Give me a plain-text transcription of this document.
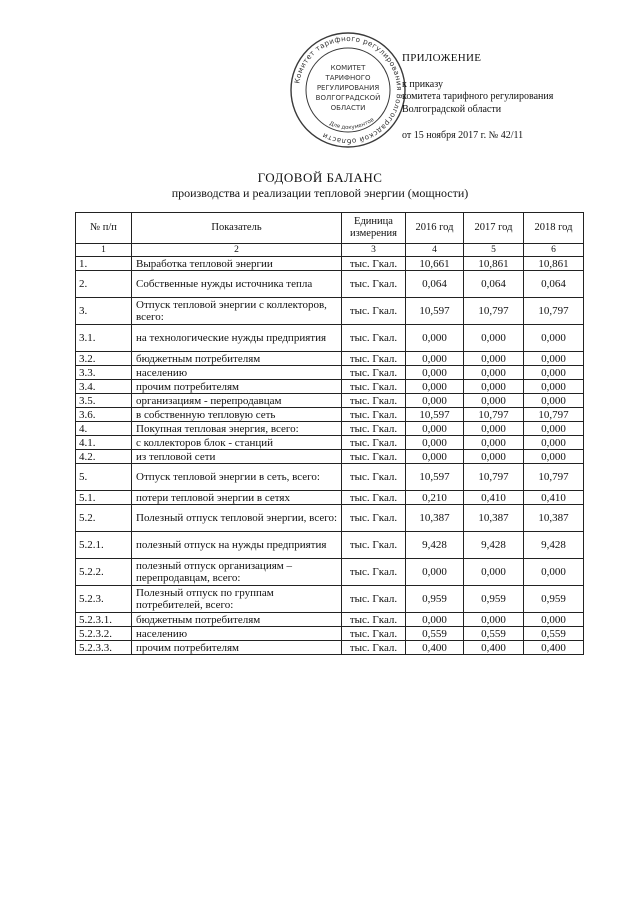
Комитет тарифного регулирования Волгоградской области
КОМИТЕТ
ТАРИФНОГО
РЕГУЛИРОВАНИЯ
ВОЛГОГРАДСКОЙ
ОБЛАСТИ
Для документов
ПРИЛОЖЕНИЕ
к приказу
комитета тарифного регулирования
Волгоградской области
от 15 ноября 2017 г. № 42/11
ГОДОВОЙ БАЛАНС
производства и реализации тепловой энергии (мощности)
№ п/п	Показатель	Единица измерения	2016 год	2017 год	2018 год
1	2	3	4	5	6
1.	Выработка тепловой энергии	тыс. Гкал.	10,661	10,861	10,861
2.	Собственные нужды источника тепла	тыс. Гкал.	0,064	0,064	0,064
3.	Отпуск тепловой энергии с коллекторов, всего:	тыс. Гкал.	10,597	10,797	10,797
3.1.	на технологические нужды предприятия	тыс. Гкал.	0,000	0,000	0,000
3.2.	бюджетным потребителям	тыс. Гкал.	0,000	0,000	0,000
3.3.	населению	тыс. Гкал.	0,000	0,000	0,000
3.4.	прочим потребителям	тыс. Гкал.	0,000	0,000	0,000
3.5.	организациям - перепродавцам	тыс. Гкал.	0,000	0,000	0,000
3.6.	в собственную тепловую сеть	тыс. Гкал.	10,597	10,797	10,797
4.	Покупная тепловая энергия, всего:	тыс. Гкал.	0,000	0,000	0,000
4.1.	с коллекторов блок - станций	тыс. Гкал.	0,000	0,000	0,000
4.2.	из тепловой сети	тыс. Гкал.	0,000	0,000	0,000
5.	Отпуск тепловой энергии в сеть, всего:	тыс. Гкал.	10,597	10,797	10,797
5.1.	потери тепловой энергии в сетях	тыс. Гкал.	0,210	0,410	0,410
5.2.	Полезный отпуск тепловой энергии, всего:	тыс. Гкал.	10,387	10,387	10,387
5.2.1.	полезный отпуск на нужды предприятия	тыс. Гкал.	9,428	9,428	9,428
5.2.2.	полезный отпуск организациям – перепродавцам, всего:	тыс. Гкал.	0,000	0,000	0,000
5.2.3.	Полезный отпуск по группам потребителей, всего:	тыс. Гкал.	0,959	0,959	0,959
5.2.3.1.	бюджетным потребителям	тыс. Гкал.	0,000	0,000	0,000
5.2.3.2.	населению	тыс. Гкал.	0,559	0,559	0,559
5.2.3.3.	прочим потребителям	тыс. Гкал.	0,400	0,400	0,400
